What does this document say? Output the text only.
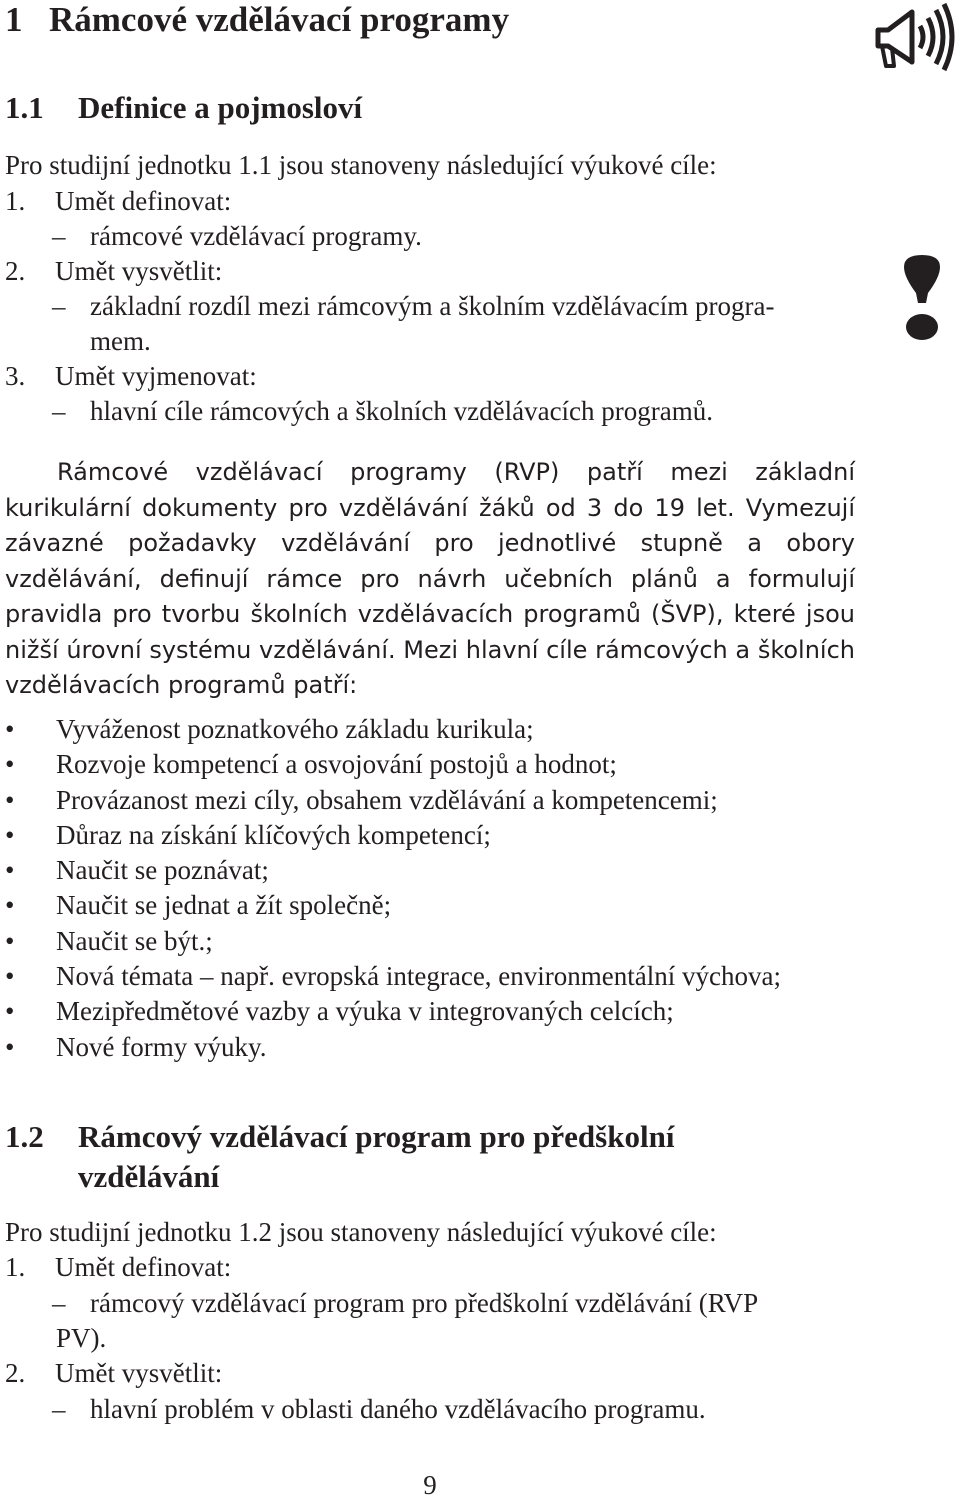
1 Rámcové vzdělávací programy
1.1 Definice a pojmosloví
Pro studijní jednotku 1.1 jsou stanoveny následující výukové cíle:
1. Umět definovat:
– rámcové vzdělávací programy.
2. Umět vysvětlit:
– základní rozdíl mezi rámcovým a školním vzdělávacím progra-
mem.
3. Umět vyjmenovat:
– hlavní cíle rámcových a školních vzdělávacích programů.

Rámcové vzdělávací programy (RVP) patří mezi základní kurikulární dokumenty pro vzdělávání žáků od 3 do 19 let. Vymezují závazné požadavky vzdělávání pro jednotlivé stupně a obory vzdělávání, definují rámce pro návrh učebních plánů a formulují pravidla pro tvorbu školních vzdělávacích programů (ŠVP), které jsou nižší úrovní systému vzdělávání. Mezi hlavní cíle rámcových a školních vzdělávacích programů patří:

• Vyváženost poznatkového základu kurikula;
• Rozvoje kompetencí a osvojování postojů a hodnot;
• Provázanost mezi cíly, obsahem vzdělávání a kompetencemi;
• Důraz na získání klíčových kompetencí;
• Naučit se poznávat;
• Naučit se jednat a žít společně;
• Naučit se být.;
• Nová témata – např. evropská integrace, environmentální výchova;
• Mezipředmětové vazby a výuka v integrovaných celcích;
• Nové formy výuky.
1.2 Rámcový vzdělávací program pro předškolní vzdělávání
Pro studijní jednotku 1.2 jsou stanoveny následující výukové cíle:
1. Umět definovat:
– rámcový vzdělávací program pro předškolní vzdělávání (RVP
PV).
2. Umět vysvětlit:
– hlavní problém v oblasti daného vzdělávacího programu.
9
